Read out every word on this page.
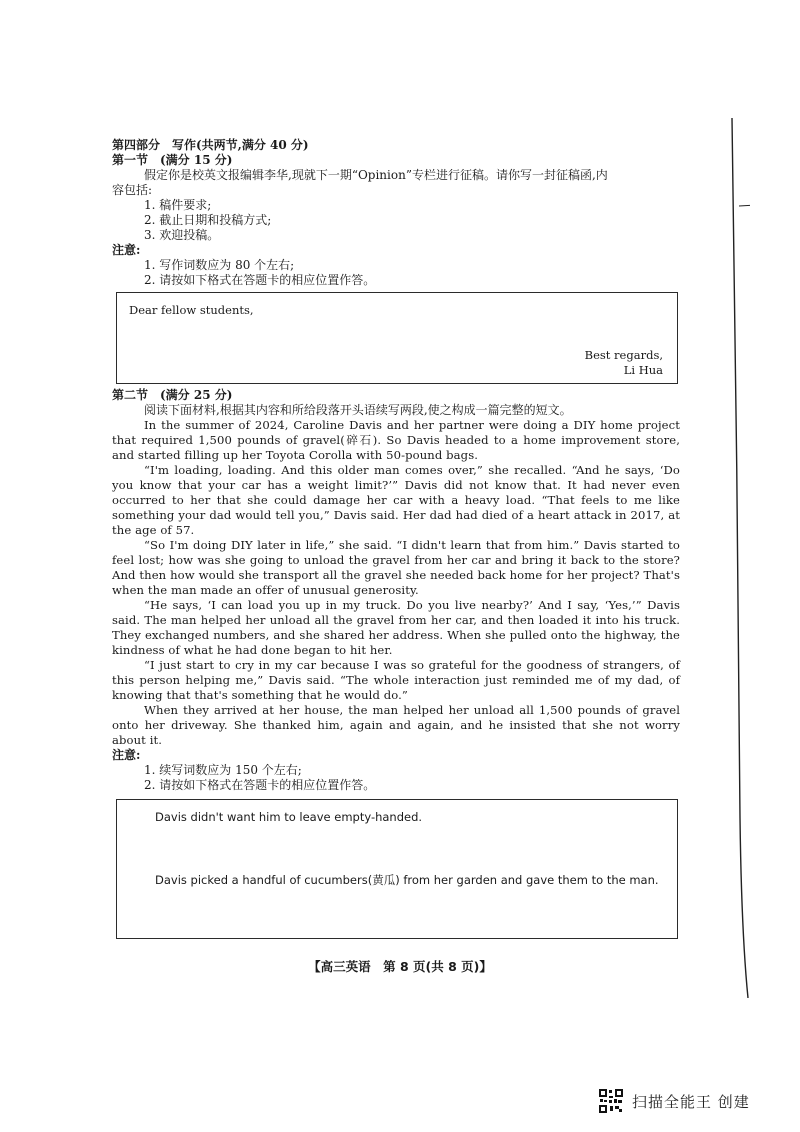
第四部分　写作(共两节,满分 40 分)

第一节　(满分 15 分)

假定你是校英文报编辑李华,现就下一期“Opinion”专栏进行征稿。请你写一封征稿函,内

容包括:

1. 稿件要求;

2. 截止日期和投稿方式;

3. 欢迎投稿。

注意:

1. 写作词数应为 80 个左右;

2. 请按如下格式在答题卡的相应位置作答。

Dear fellow students,
Best regards,
Li Hua

第二节　(满分 25 分)

阅读下面材料,根据其内容和所给段落开头语续写两段,使之构成一篇完整的短文。

In the summer of 2024, Caroline Davis and her partner were doing a DIY home project that required 1,500 pounds of gravel(碎石). So Davis headed to a home improvement store, and started filling up her Toyota Corolla with 50-pound bags.

“I'm loading, loading. And this older man comes over,” she recalled. “And he says, ‘Do you know that your car has a weight limit?’” Davis did not know that. It had never even occurred to her that she could damage her car with a heavy load. “That feels to me like something your dad would tell you,” Davis said. Her dad had died of a heart attack in 2017, at the age of 57.

“So I'm doing DIY later in life,” she said. “I didn't learn that from him.” Davis started to feel lost; how was she going to unload the gravel from her car and bring it back to the store? And then how would she transport all the gravel she needed back home for her project? That's when the man made an offer of unusual generosity.

“He says, ‘I can load you up in my truck. Do you live nearby?’ And I say, ‘Yes,’” Davis said. The man helped her unload all the gravel from her car, and then loaded it into his truck. They exchanged numbers, and she shared her address. When she pulled onto the highway, the kindness of what he had done began to hit her.

“I just start to cry in my car because I was so grateful for the goodness of strangers, of this person helping me,” Davis said. “The whole interaction just reminded me of my dad, of knowing that that's something that he would do.”

When they arrived at her house, the man helped her unload all 1,500 pounds of gravel onto her driveway. She thanked him, again and again, and he insisted that she not worry about it.

注意:

1. 续写词数应为 150 个左右;

2. 请按如下格式在答题卡的相应位置作答。

Davis didn't want him to leave empty-handed.
Davis picked a handful of cucumbers(黄瓜) from her garden and gave them to the man.
【高三英语　第 8 页(共 8 页)】
扫描全能王 创建
